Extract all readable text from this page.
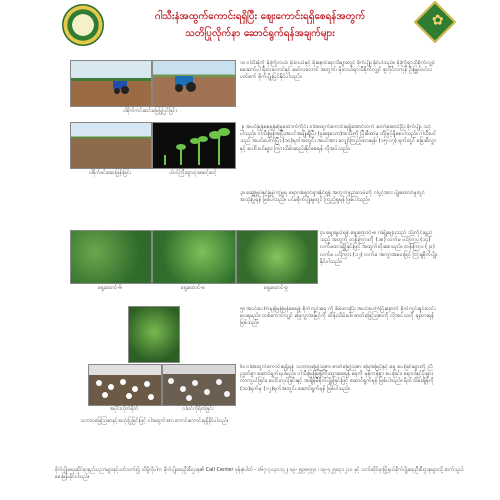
ဂါသီးနံအထွက်ကောင်းရရှိပြီး ဈေးကောင်းရရှိစေရန်အတွက်
သတိပြုလိုက်နာ ဆောင်ရွက်ရန်အချက်များ
✿
ဝါစိုက်ကင်းဆင်းမြေပြုပြင်ခြင်း
၁။ ဝါသီးနံကို မိုးကြိုလယ်၊ မိုးလယ်နှင့် မိုးနောင်းရာသီများတွင် စိုက်ပျိုး နိုင်ပါသည်။ မိုးကြိုရာသီစိုက်လျှင် မေဆက်ပါ ရီးလလောင်နှင့် မော်လလောင် အတွက်၊ မိုးလယ်ရာသီစိုက်လျှင် ဇူလိုင်လကုန် ဦးမြှုပ်ဝင်လပတ်စက် စိုက်ပျိုးပြင်နိုင်ပါသည်။
ဝါစိုက်ခင်းဆေးဖြန်းခြင်း	ဝါပင်ကြီးထွားပုံအဆင့်ဆင့်
၂။ အပင်မြန်စေရန်မြေ့ထောက်ကိုင်း ဝါးအထွက်ကောင်းရရှိအောင်တက် တော်ဆောင်ပြီး စိုက်ပျိုး သင့်ပါသည်။ ဂါသီးမြုန်အပြီးအပင်အမျိုးရှိပြီး (ဖူးနေသော)အသီးကို ပြီးစီးထံမှ တိုမြင့်ရှိစေပါသည်။ ဂါသီးပင်သည် အပင်ပေါက်ပြီး (၁၀)ရက်အတွင်း အပင်အား လျှော်ကြည့်ထားရန်၊ (၁၅-၁၇) ရက်တွင် မြေဆီလွှာနှင့် ပေါင်းပင်များ ကြားသိမ်းဆည်းနိုင်စေရန် လိုအပ်သည်။
၃။ ဆွေမြှုပ်နှင့်မြှုပ်ကွဲမှုရ ရောဂါရှောင်ရှားနိုင်ရန် အတွက်နည်းလမ်းကို ဂါပွင့်အား ပျိုးထောင်မှုတွင် အသုံးပြုရန် ဖြစ်ပါသည်။ ပင်မစိုက်ပျိုးမှုတွင် ကြည့်ရှုရန် ဖြစ်ပါသည်။
ရွေးထောင်-၆	ရွေးထောင်-၈	ရွေးထောင်-၉
၄။ ရွေးချယ်ရန် ရွေးထောင်-၈ ဂါမျိုးများသည် သီးကိုင်းရှည် သည့် အတွက် တန်းကြားကို (၁၈) လက်မ ပင်ကြား (၁၄) လက်မထားရှိခြင်းဖြင့် အထွက်တိုးစေသည်။ တန်းကြား (၂၀) လက်မ ပင်ကြား (၁၂) လက်မ အကွာအဝေးဖြင့် ကြဲချစိုက်ပျိုးနိုင်ပါသည်။
၅။ အပင်ပေါက်ရန်မြန်မြန်စေရန် စိုက်ကွင်းရေ ကို စိမ်ထားပြီး အပင်ပေါက်ပြီးနောက် စိုက်ကွင်းရှင်းလင်းပေးရမည်။ တစ်ကောင်လျှင် မြေလွှာအမြင့်ကို ထိန်းသိမ်းပါ။ ဓာတ်မြေဩဇာကို လိုအပ်သလို ချထားရန် ဖြစ်သည်။
အပိုင်းလိုက်ရိတ်	ဝါးပင်ကိုရိတ်ခြင်း
သဘာဝမြေဩဇာနှင့်အသုံးပြုခြင်းဖြင့် ဝါအထွက်အား ကောင်းကောင်းရရှိနိုင်ပါသည်။
၆။ ဝါးအထွက်ကောင်းရရှိရန် သဘာဝမြေဩဇာ၊ ဓာတ်မြေဩဇာ မြေအမြင့်နှင့် ရေ ပေးခြင်းများကို ညီညွှတ်စွာ ဆောင်ရွက်ရပါမည်။ ဂါသီးမြန်မြန်ကြီးထွားစေရန် ရေကို မှန်ကန်စွာ ပေးခြင်း၊ ရောဂါနှင့်ပိုးမွှားကာကွယ်ခြင်း၊ ပေါင်းလုပ်ခြင်းနှင့် အချိန်မီစိုက်ပျိုးခြင်းဖြင့် ဆောင်ရွက်ရန် ဖြစ်ပါသည်။ ရိတ်သိမ်းချိန်ကို (၁၀)ရက်မှ (၁၂)ရက်အတွင်း ဆောင်ရွက်ရန် ဖြစ်ပါသည်။
စိုက်ပျိုးရေးဆိုင်ရာနည်းပညာများနှင့်ပတ်သက်၍ သိရှိလိုပါက စိုက်ပျိုးရေးဦးစီးဌာန၏ Call Center ဖုန်းနံပါတ် - ၀၆၇-၃၁၃၀၁၃၂၊ ၀၉-၂၅၉၈၅၅၀ ၊ ၀၉-၄၂၅၈၃၁၂၁၀ နှင့် သက်ဆိုင်ရာမြို့နယ်စိုက်ပျိုးရေးဦးစီးဌာနများသို့ ဆက်သွယ်မေးမြန်းနိုင်ပါသည်။
